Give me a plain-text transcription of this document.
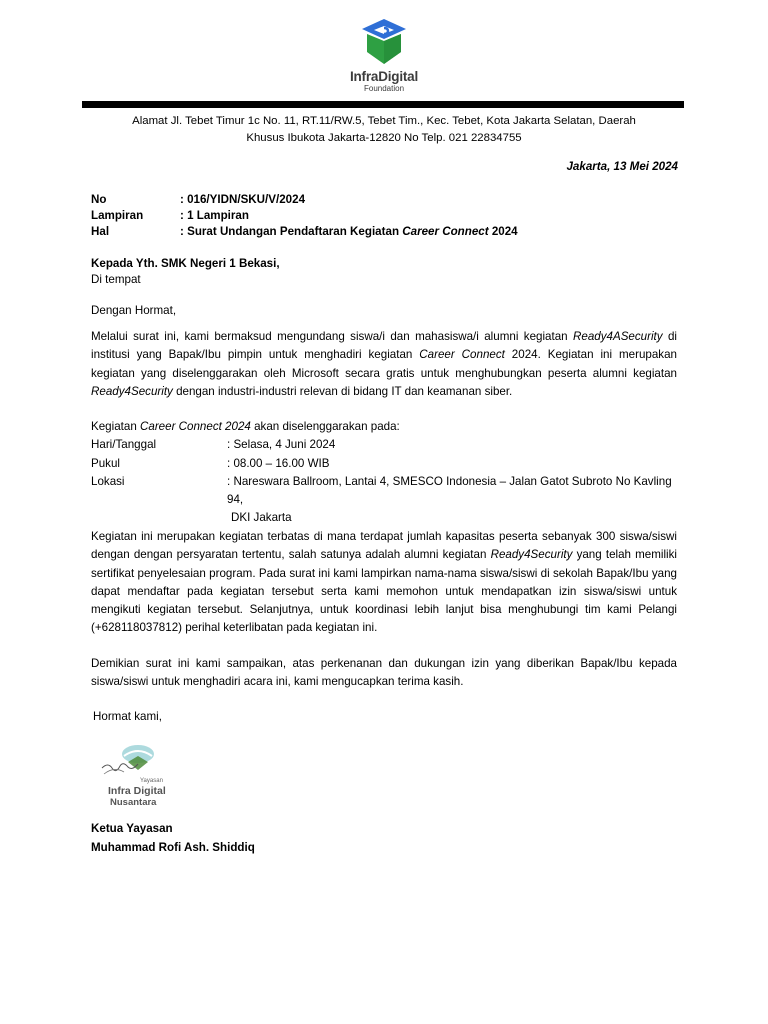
InfraDigital
Foundation
Alamat Jl. Tebet Timur 1c No. 11, RT.11/RW.5, Tebet Tim., Kec. Tebet, Kota Jakarta Selatan, Daerah
Khusus Ibukota Jakarta-12820 No Telp. 021 22834755
Jakarta, 13 Mei 2024
No	: 016/YIDN/SKU/V/2024
Lampiran	: 1 Lampiran
Hal	: Surat Undangan Pendaftaran Kegiatan Career Connect 2024
Kepada Yth. SMK Negeri 1 Bekasi,
Di tempat
Dengan Hormat,
Melalui surat ini, kami bermaksud mengundang siswa/i dan mahasiswa/i alumni kegiatan Ready4ASecurity di institusi yang Bapak/Ibu pimpin untuk menghadiri kegiatan Career Connect 2024. Kegiatan ini merupakan kegiatan yang diselenggarakan oleh Microsoft secara gratis untuk menghubungkan peserta alumni kegiatan Ready4Security dengan industri-industri relevan di bidang IT dan keamanan siber.
Kegiatan Career Connect 2024 akan diselenggarakan pada:
Hari/Tanggal	: Selasa, 4 Juni 2024
Pukul	: 08.00 – 16.00 WIB
Lokasi	: Nareswara Ballroom, Lantai 4, SMESCO Indonesia – Jalan Gatot Subroto No Kavling 94,
DKI Jakarta
Kegiatan ini merupakan kegiatan terbatas di mana terdapat jumlah kapasitas peserta sebanyak 300 siswa/siswi dengan dengan persyaratan tertentu, salah satunya adalah alumni kegiatan Ready4Security yang telah memiliki sertifikat penyelesaian program. Pada surat ini kami lampirkan nama-nama siswa/siswi di sekolah Bapak/Ibu yang dapat mendaftar pada kegiatan tersebut serta kami memohon untuk mendapatkan izin siswa/siswi untuk mengikuti kegiatan tersebut. Selanjutnya, untuk koordinasi lebih lanjut bisa menghubungi tim kami Pelangi (+628118037812) perihal keterlibatan pada kegiatan ini.
Demikian surat ini kami sampaikan, atas perkenanan dan dukungan izin yang diberikan Bapak/Ibu kepada siswa/siswi untuk menghadiri acara ini, kami mengucapkan terima kasih.
Hormat kami,
Yayasan
Infra Digital
Nusantara
Ketua Yayasan
Muhammad Rofi Ash. Shiddiq
